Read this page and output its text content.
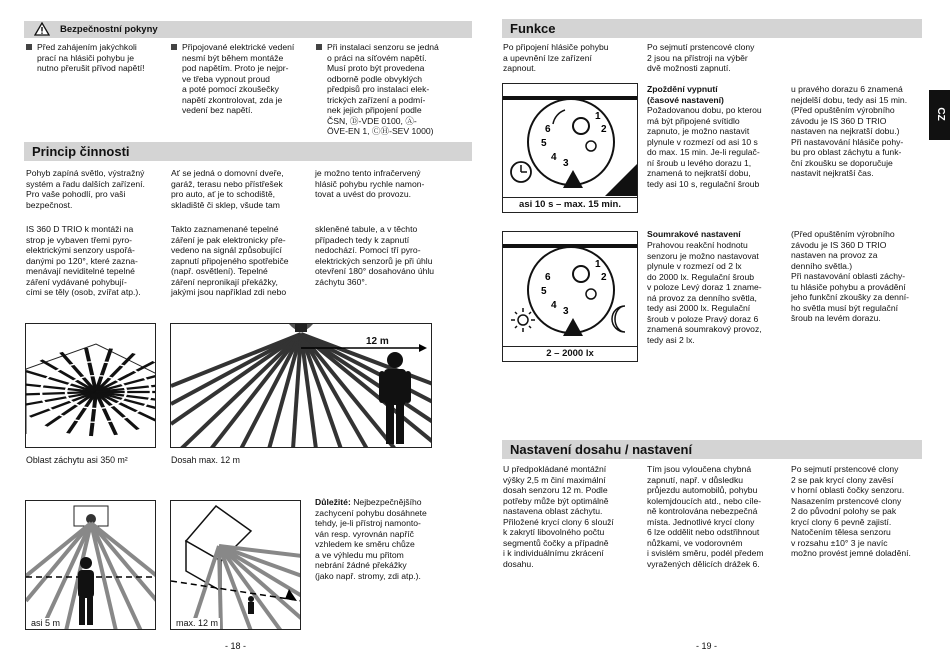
Bezpečnostní pokyny
Před zahájením jakýchkoli
prací na hlásiči pohybu je
nutno přerušit přívod napětí!
Připojované elektrické vedení
nesmí být během montáže
pod napětím. Proto je nejpr-
ve třeba vypnout proud
a poté pomocí zkoušečky
napětí zkontrolovat, zda je
vedení bez napětí.
Při instalaci senzoru se jedná
o práci na síťovém napětí.
Musí proto být provedena
odborně podle obvyklých
předpisů pro instalaci elek-
trických zařízení a podmí-
nek jejich připojení podle
ČSN, Ⓓ-VDE 0100, Ⓐ-
ÖVE-EN 1, ⒸⒽ-SEV 1000)
Princip činnosti
Pohyb zapíná světlo, výstražný
systém a řadu dalších zařízení.
Pro vaše pohodlí, pro vaši
bezpečnost.
Ať se jedná o domovní dveře,
garáž, terasu nebo přístřešek
pro auto, ať je to schodiště,
skladiště či sklep, všude tam
je možno tento infračervený
hlásič pohybu rychle namon-
tovat a uvést do provozu.
IS 360 D TRIO k montáži na
strop je vybaven třemi pyro-
elektrickými senzory uspořá-
danými po 120°, které zazna-
menávají neviditelné tepelné
záření vydávané pohybují-
cími se těly (osob, zvířat atp.).
Takto zaznamenané tepelné
záření je pak elektronicky pře-
vedeno na signál způsobující
zapnutí připojeného spotřebiče
(např. osvětlení). Tepelné
záření nepronikají překážky,
jakými jsou například zdi nebo
skleněné tabule, a v těchto
případech tedy k zapnutí
nedochází. Pomocí tří pyro-
elektrických senzorů je při úhlu
otevření 180° dosahováno úhlu
záchytu 360°.
Oblast záchytu asi 350 m²
12 m
Dosah max. 12 m
asi 5 m	max. 12 m
Důležité: Nejbezpečnějšího
zachycení pohybu dosáhnete
tehdy, je-li přístroj namonto-
ván resp. vyrovnán napříč
vzhledem ke směru chůze
a ve výhledu mu přitom
nebrání žádné překážky
(jako např. stromy, zdi atp.).
- 18 -
Funkce
Po připojení hlásiče pohybu
a upevnění lze zařízení
zapnout.
Po sejmutí prstencové clony
2 jsou na přístroji na výběr
dvě možnosti zapnutí.
6
5
4
3
2
1
asi 10 s – max. 15 min.
Zpoždění vypnutí
(časové nastavení)
Požadovanou dobu, po kterou
má být připojené svítidlo
zapnuto, je možno nastavit
plynule v rozmezí od asi 10 s
do max. 15 min. Je-li regulač-
ní šroub u levého dorazu 1,
znamená to nejkratší dobu,
tedy asi 10 s, regulační šroub
u pravého dorazu 6 znamená
nejdelší dobu, tedy asi 15 min.
(Před opuštěním výrobního
závodu je IS 360 D TRIO
nastaven na nejkratší dobu.)
Při nastavování hlásiče pohy-
bu pro oblast záchytu a funk-
ční zkoušku se doporučuje
nastavit nejkratší čas.
6
5
4
3
2
1
2 – 2000 lx
Soumrakové nastavení
Prahovou reakční hodnotu
senzoru je možno nastavovat
plynule v rozmezí od 2 lx
do 2000 lx. Regulační šroub
v poloze Levý doraz 1 zname-
ná provoz za denního světla,
tedy asi 2000 lx. Regulační
šroub v poloze Pravý doraz 6
znamená soumrakový provoz,
tedy asi 2 lx.
(Před opuštěním výrobního
závodu je IS 360 D TRIO
nastaven na provoz za
denního světla.)
Při nastavování oblasti záchy-
tu hlásiče pohybu a provádění
jeho funkční zkoušky za denní-
ho světla musí být regulační
šroub na levém dorazu.
Nastavení dosahu / nastavení
U předpokládané montážní
výšky 2,5 m činí maximální
dosah senzoru 12 m. Podle
potřeby může být optimálně
nastavena oblast záchytu.
Přiložené krycí clony 6 slouží
k zakrytí libovolného počtu
segmentů čočky a případně
i k individuálnímu zkrácení
dosahu.
Tím jsou vyloučena chybná
zapnutí, např. v důsledku
průjezdu automobilů, pohybu
kolemjdoucích atd., nebo cíle-
ně kontrolována nebezpečná
místa. Jednotlivé krycí clony
6 lze oddělit nebo odstřihnout
nůžkami, ve vodorovném
i svislém směru, podél předem
vyražených dělicích drážek 6.
Po sejmutí prstencové clony
2 se pak krycí clony zavěsí
v horní oblasti čočky senzoru.
Nasazením prstencové clony
2 do původní polohy se pak
krycí clony 6 pevně zajistí.
Natočením tělesa senzoru
v rozsahu ±10° 3 je navíc
možno provést jemné doladění.
CZ
- 19 -
